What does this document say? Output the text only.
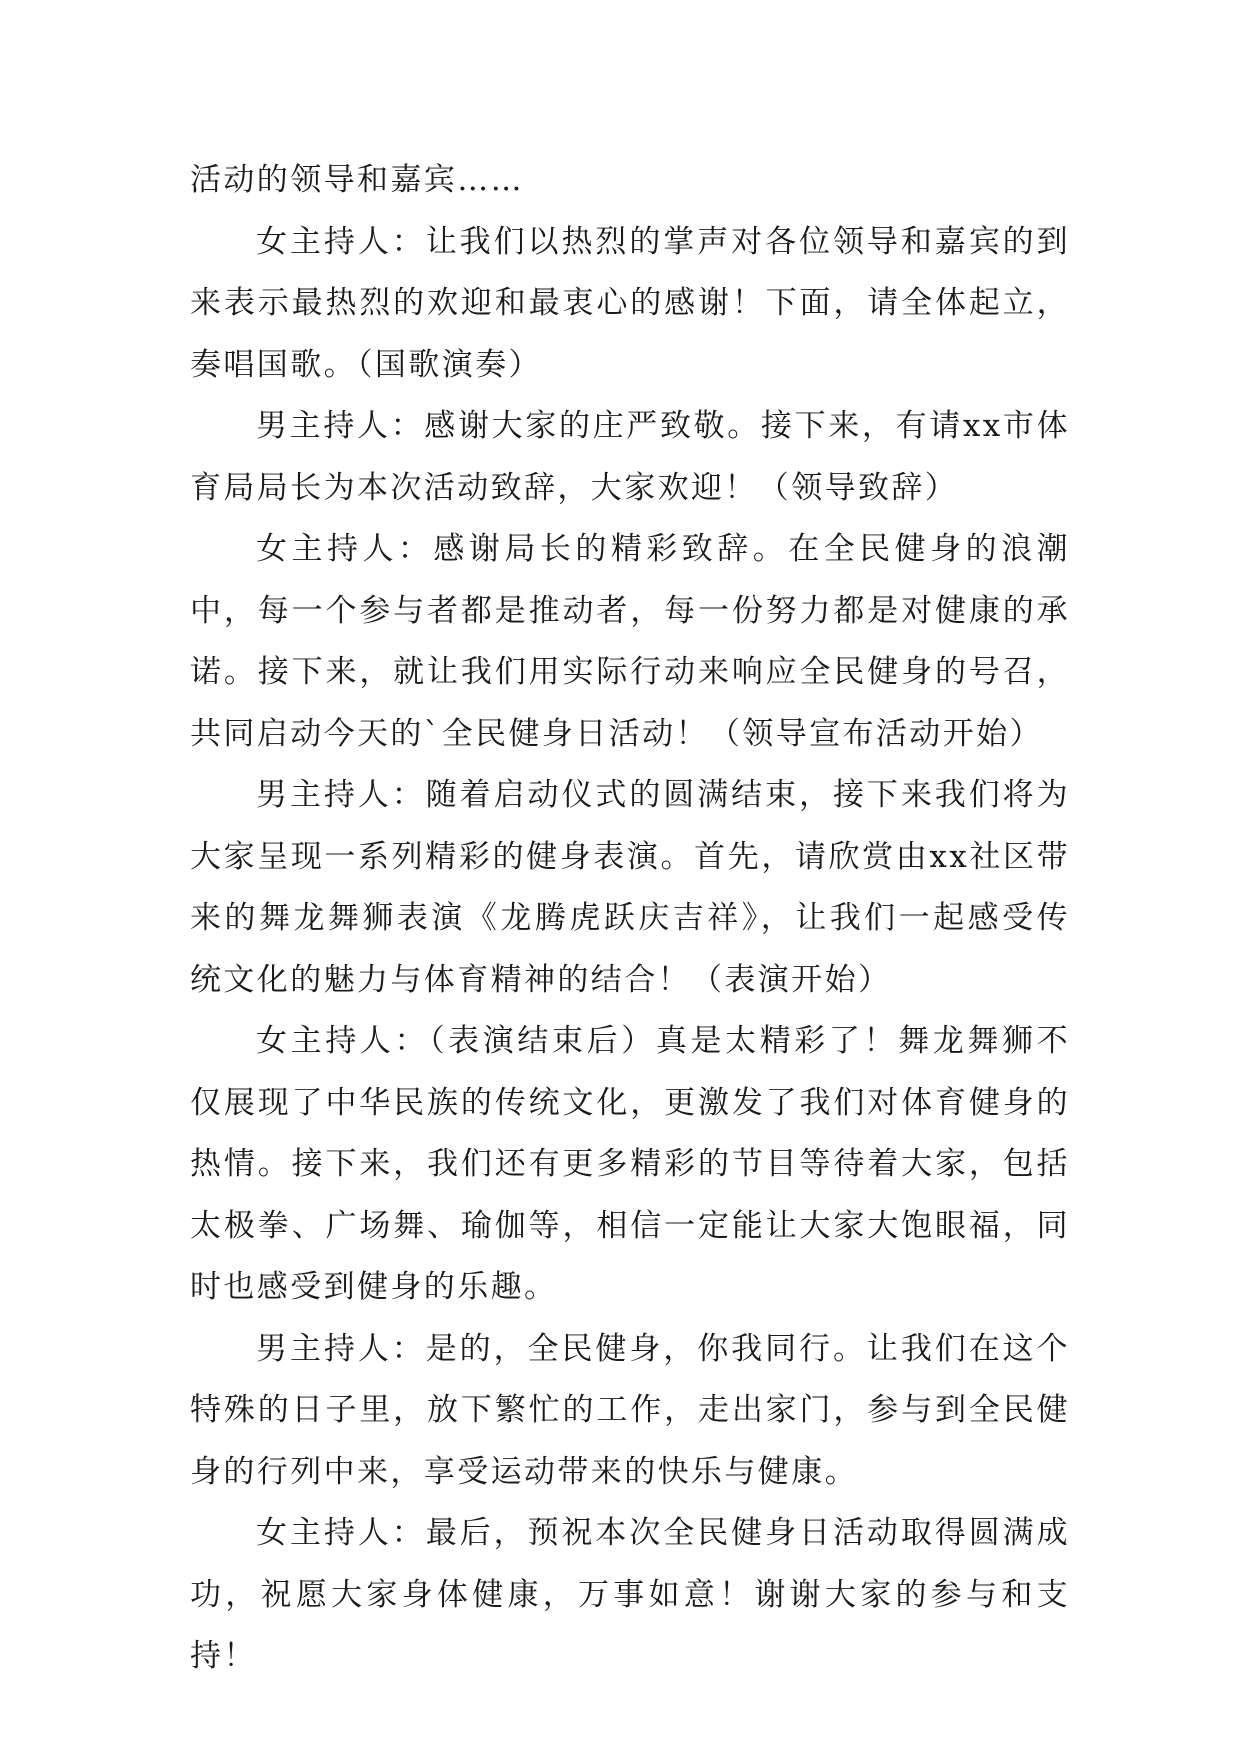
活动的领导和嘉宾……

女主持人：让我们以热烈的掌声对各位领导和嘉宾的到来表示最热烈的欢迎和最衷心的感谢！下面，请全体起立，奏唱国歌。（国歌演奏）

男主持人：感谢大家的庄严致敬。接下来，有请xx市体育局局长为本次活动致辞，大家欢迎！（领导致辞）

女主持人：感谢局长的精彩致辞。在全民健身的浪潮中，每一个参与者都是推动者，每一份努力都是对健康的承诺。接下来，就让我们用实际行动来响应全民健身的号召，共同启动今天的`全民健身日活动！（领导宣布活动开始）

男主持人：随着启动仪式的圆满结束，接下来我们将为大家呈现一系列精彩的健身表演。首先，请欣赏由xx社区带来的舞龙舞狮表演《龙腾虎跃庆吉祥》，让我们一起感受传统文化的魅力与体育精神的结合！（表演开始）

女主持人：（表演结束后）真是太精彩了！舞龙舞狮不仅展现了中华民族的传统文化，更激发了我们对体育健身的热情。接下来，我们还有更多精彩的节目等待着大家，包括太极拳、广场舞、瑜伽等，相信一定能让大家大饱眼福，同时也感受到健身的乐趣。

男主持人：是的，全民健身，你我同行。让我们在这个特殊的日子里，放下繁忙的工作，走出家门，参与到全民健身的行列中来，享受运动带来的快乐与健康。

女主持人：最后，预祝本次全民健身日活动取得圆满成功，祝愿大家身体健康，万事如意！谢谢大家的参与和支持！
